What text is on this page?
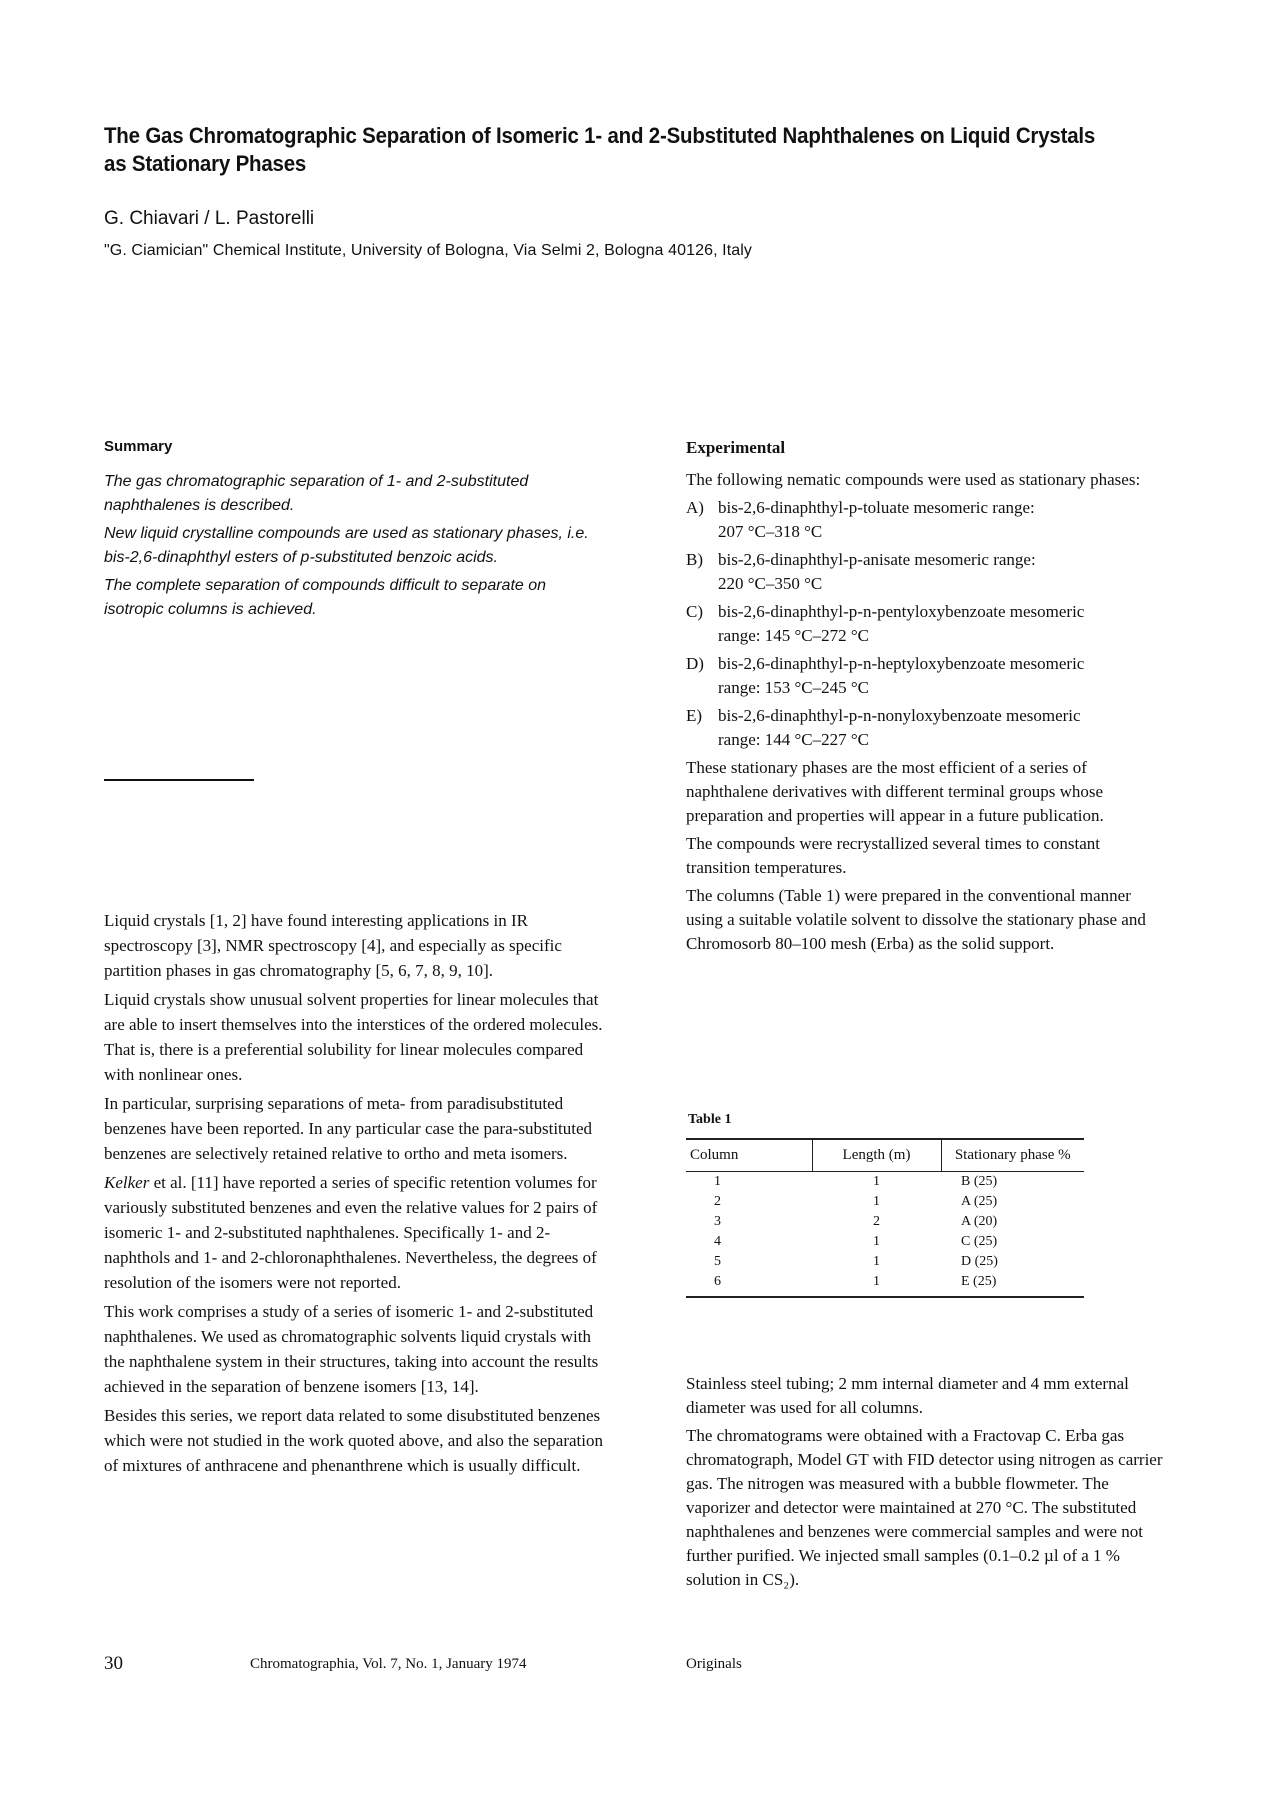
The Gas Chromatographic Separation of Isomeric 1- and 2-Substituted Naphthalenes on Liquid Crystals as Stationary Phases
G. Chiavari / L. Pastorelli
"G. Ciamician" Chemical Institute, University of Bologna, Via Selmi 2, Bologna 40126, Italy
Summary

The gas chromatographic separation of 1- and 2-substituted naphthalenes is described.

New liquid crystalline compounds are used as stationary phases, i.e. bis-2,6-dinaphthyl esters of p-substituted benzoic acids.

The complete separation of compounds difficult to separate on isotropic columns is achieved.

Liquid crystals [1, 2] have found interesting applications in IR spectroscopy [3], NMR spectroscopy [4], and especially as specific partition phases in gas chromatography [5, 6, 7, 8, 9, 10].

Liquid crystals show unusual solvent properties for linear molecules that are able to insert themselves into the interstices of the ordered molecules. That is, there is a preferential solubility for linear molecules compared with nonlinear ones.

In particular, surprising separations of meta- from paradisubstituted benzenes have been reported. In any particular case the para-substituted benzenes are selectively retained relative to ortho and meta isomers.

Kelker et al. [11] have reported a series of specific retention volumes for variously substituted benzenes and even the relative values for 2 pairs of isomeric 1- and 2-substituted naphthalenes. Specifically 1- and 2-naphthols and 1- and 2-chloronaphthalenes. Nevertheless, the degrees of resolution of the isomers were not reported.

This work comprises a study of a series of isomeric 1- and 2-substituted naphthalenes. We used as chromatographic solvents liquid crystals with the naphthalene system in their structures, taking into account the results achieved in the separation of benzene isomers [13, 14].

Besides this series, we report data related to some disubstituted benzenes which were not studied in the work quoted above, and also the separation of mixtures of anthracene and phenanthrene which is usually difficult.

Experimental

The following nematic compounds were used as stationary phases:

A) bis-2,6-dinaphthyl-p-toluate mesomeric range:
207 °C–318 °C

B) bis-2,6-dinaphthyl-p-anisate mesomeric range:
220 °C–350 °C

C) bis-2,6-dinaphthyl-p-n-pentyloxybenzoate mesomeric
range: 145 °C–272 °C

D) bis-2,6-dinaphthyl-p-n-heptyloxybenzoate mesomeric
range: 153 °C–245 °C

E) bis-2,6-dinaphthyl-p-n-nonyloxybenzoate mesomeric
range: 144 °C–227 °C

These stationary phases are the most efficient of a series of naphthalene derivatives with different terminal groups whose preparation and properties will appear in a future publication.

The compounds were recrystallized several times to constant transition temperatures.

The columns (Table 1) were prepared in the conventional manner using a suitable volatile solvent to dissolve the stationary phase and Chromosorb 80–100 mesh (Erba) as the solid support.

Table 1
Column	Length (m)	Stationary phase %
1	1	B (25)
2	1	A (25)
3	2	A (20)
4	1	C (25)
5	1	D (25)
6	1	E (25)

Stainless steel tubing; 2 mm internal diameter and 4 mm external diameter was used for all columns.

The chromatograms were obtained with a Fractovap C. Erba gas chromatograph, Model GT with FID detector using nitrogen as carrier gas. The nitrogen was measured with a bubble flowmeter. The vaporizer and detector were maintained at 270 °C. The substituted naphthalenes and benzenes were commercial samples and were not further purified. We injected small samples (0.1–0.2 µl of a 1 % solution in CS₂).

30	Chromatographia, Vol. 7, No. 1, January 1974	Originals
